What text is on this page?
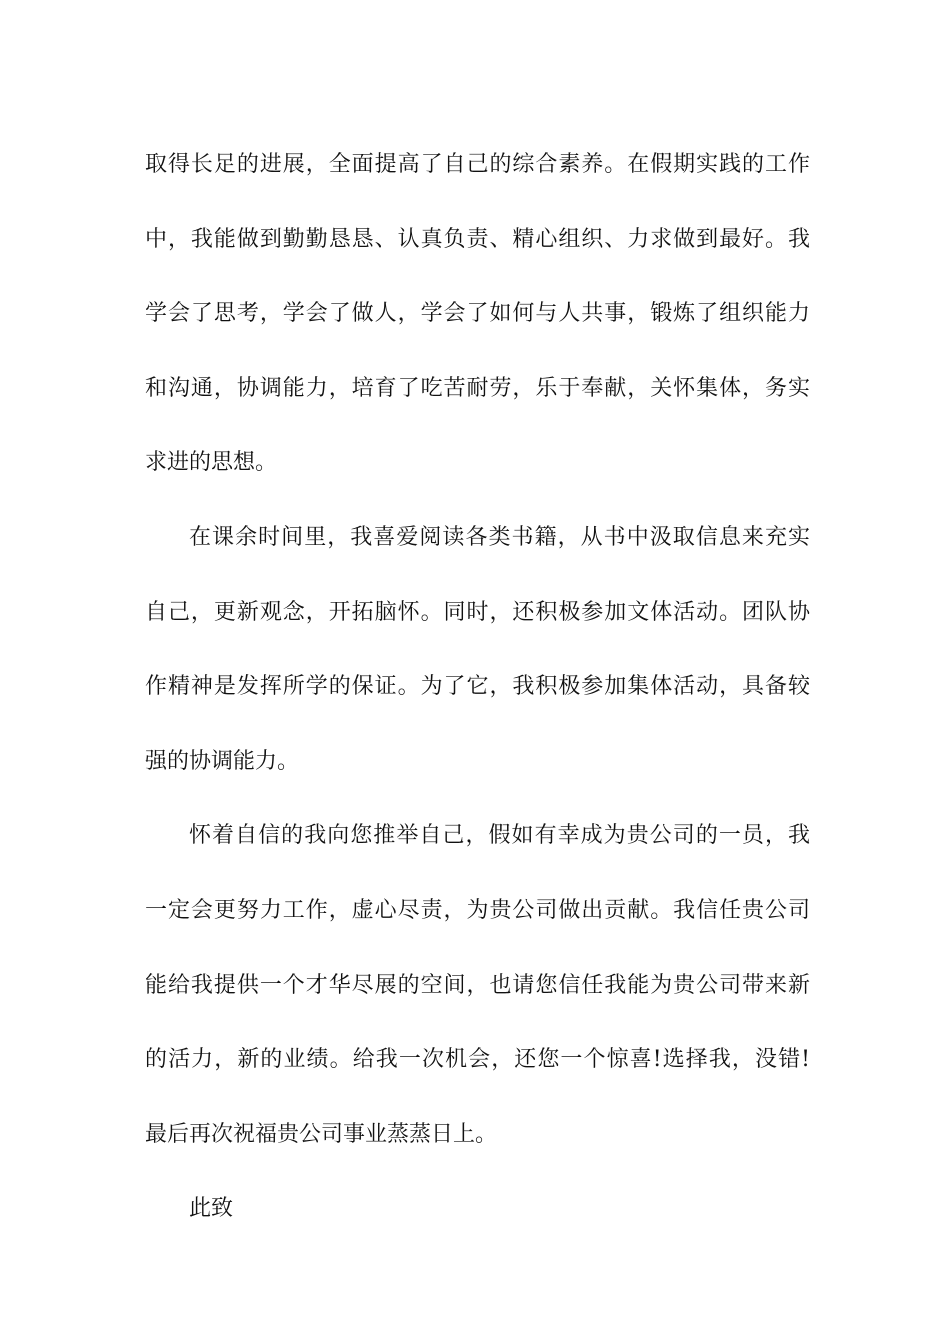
取得长足的进展，全面提高了自己的综合素养。在假期实践的工作
中，我能做到勤勤恳恳、认真负责、精心组织、力求做到最好。我
学会了思考，学会了做人，学会了如何与人共事，锻炼了组织能力
和沟通，协调能力，培育了吃苦耐劳，乐于奉献，关怀集体，务实
求进的思想。
在课余时间里，我喜爱阅读各类书籍，从书中汲取信息来充实
自己，更新观念，开拓脑怀。同时，还积极参加文体活动。团队协
作精神是发挥所学的保证。为了它，我积极参加集体活动，具备较
强的协调能力。
怀着自信的我向您推举自己，假如有幸成为贵公司的一员，我
一定会更努力工作，虚心尽责，为贵公司做出贡献。我信任贵公司
能给我提供一个才华尽展的空间，也请您信任我能为贵公司带来新
的活力，新的业绩。给我一次机会，还您一个惊喜!选择我，没错!
最后再次祝福贵公司事业蒸蒸日上。
此致
